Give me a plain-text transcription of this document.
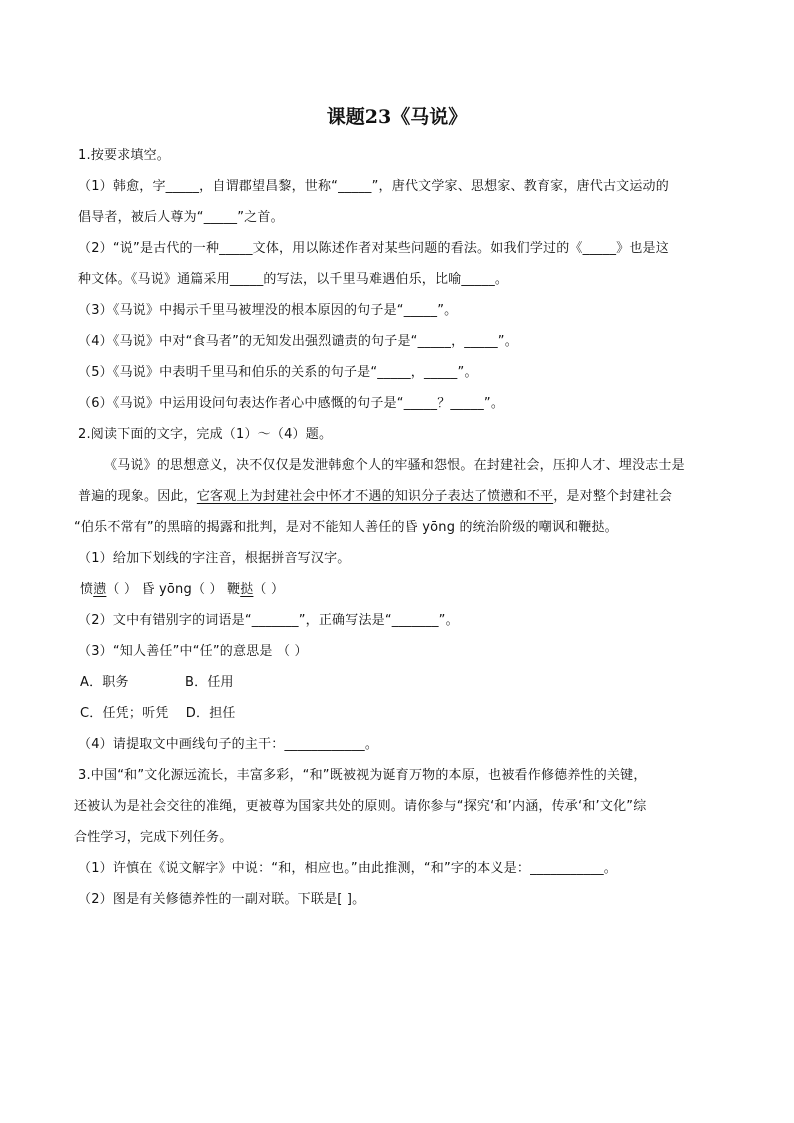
课题23《马说》
1.按要求填空。
（1）韩愈，字_____，自谓郡望昌黎，世称“_____”，唐代文学家、思想家、教育家，唐代古文运动的
倡导者，被后人尊为“_____”之首。
（2）“说”是古代的一种_____文体，用以陈述作者对某些问题的看法。如我们学过的《_____》也是这
种文体。《马说》通篇采用_____的写法，以千里马难遇伯乐，比喻_____。
（3）《马说》中揭示千里马被埋没的根本原因的句子是“_____”。
（4）《马说》中对“食马者”的无知发出强烈谴责的句子是“_____，_____”。
（5）《马说》中表明千里马和伯乐的关系的句子是“_____，_____”。
（6）《马说》中运用设问句表达作者心中感慨的句子是“_____？_____”。
2.阅读下面的文字，完成（1）～（4）题。
《马说》的思想意义，决不仅仅是发泄韩愈个人的牢骚和怨恨。在封建社会，压抑人才、埋没志士是
普遍的现象。因此，它客观上为封建社会中怀才不遇的知识分子表达了愤懑和不平，是对整个封建社会
“伯乐不常有”的黑暗的揭露和批判，是对不能知人善任的昏 yōng 的统治阶级的嘲讽和鞭挞。
（1）给加下划线的字注音，根据拼音写汉字。
愤懑（ ） 昏 yōng（ ） 鞭挞（ ）
（2）文中有错别字的词语是“_______”，正确写法是“_______”。
（3）“知人善任”中“任”的意思是 （ ）
A．职务             B．任用
C．任凭；听凭    D．担任
（4）请提取文中画线句子的主干：____________。
3.中国“和”文化源远流长，丰富多彩，“和”既被视为诞育万物的本原，也被看作修德养性的关键，
还被认为是社会交往的准绳，更被尊为国家共处的原则。请你参与“探究‘和’内涵，传承‘和’文化”综
合性学习，完成下列任务。
（1）许慎在《说文解字》中说：“和，相应也。”由此推测，“和”字的本义是：___________。
（2）图是有关修德养性的一副对联。下联是[ ]。
